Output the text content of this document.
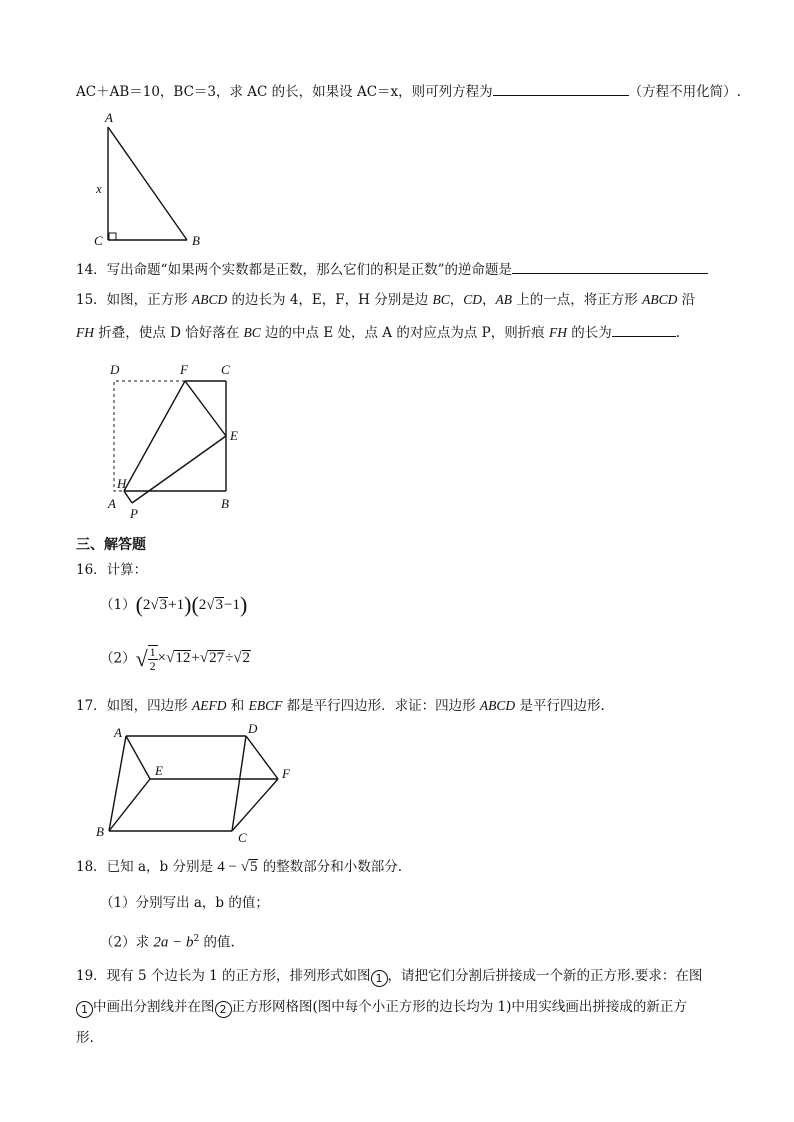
AC＋AB＝10，BC＝3，求 AC 的长，如果设 AC＝x，则可列方程为	（方程不用化简）.
A
x
C	B
14．写出命题“如果两个实数都是正数，那么它们的积是正数”的逆命题是
15．如图，正方形 ABCD 的边长为 4，E，F，H 分别是边 BC，CD，AB 上的一点，将正方形 ABCD 沿
FH 折叠，使点 D 恰好落在 BC 边的中点 E 处，点 A 的对应点为点 P，则折痕 FH 的长为	.
D	F	C
E
H
A	B
P
三、解答题
16．计算：
（1）(2√3+1)(2√3−1)
$(2)√ \frac{1}{2} \times√12+√27\div√2$
17．如图，四边形 AEFD 和 EBCF 都是平行四边形．求证：四边形 ABCD 是平行四边形.
A	D
E	F
B	C
18．已知 a，b 分别是 4 − √5 的整数部分和小数部分.
（1）分别写出 a，b 的值；
（2）求 $2a - b^2$ 的值.
19．现有 5 个边长为 1 的正方形，排列形式如图 1 ，请把它们分割后拼接成一个新的正方形.要求：在图
1 中画出分割线并在图 2 正方形网格图(图中每个小正方形的边长均为 1)中用实线画出拼接成的新正方
形.
